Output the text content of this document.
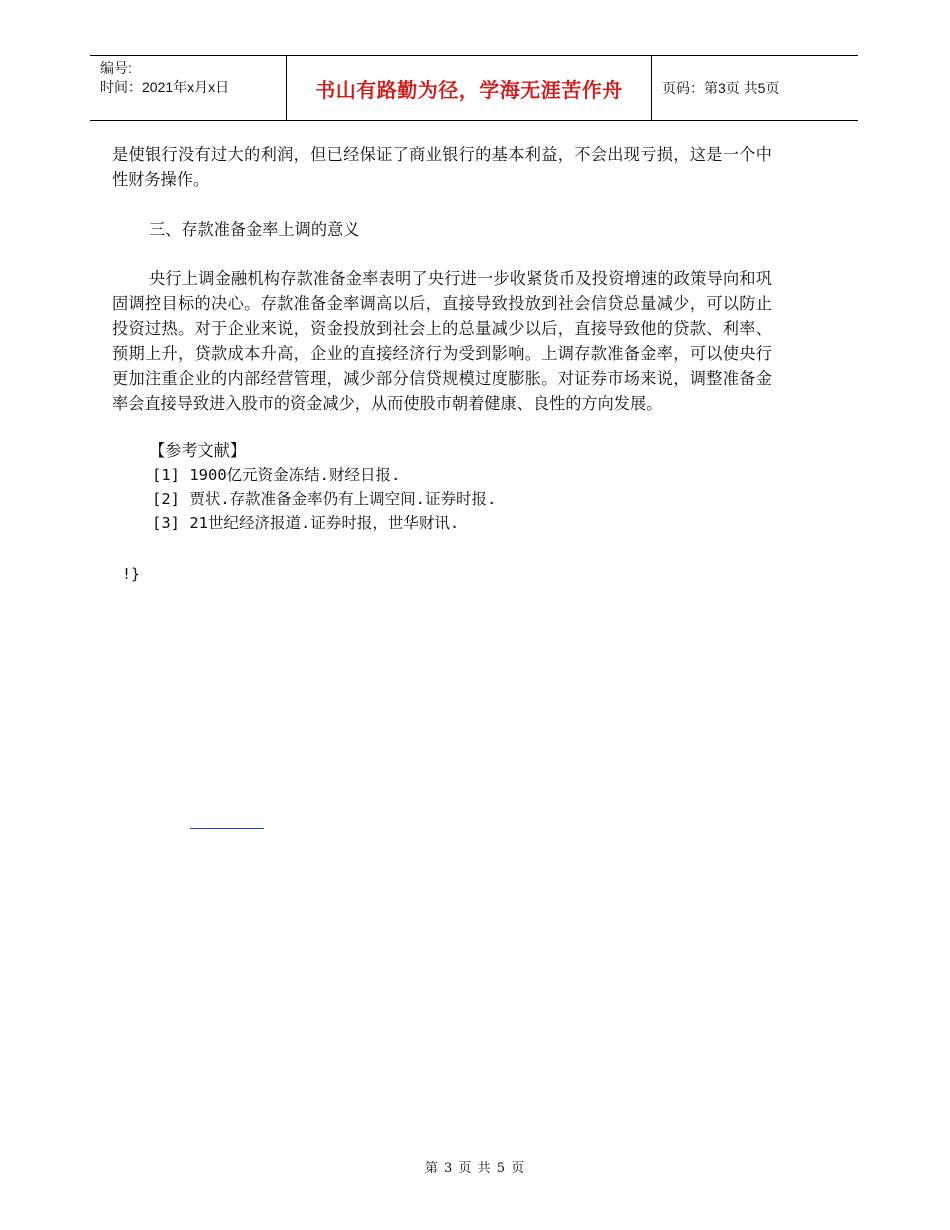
编号:
时间：2021年x月x日	书山有路勤为径，学海无涯苦作舟	页码：第3页 共5页

是使银行没有过大的利润，但已经保证了商业银行的基本利益，不会出现亏损，这是一个中性财务操作。

三、存款准备金率上调的意义

央行上调金融机构存款准备金率表明了央行进一步收紧货币及投资增速的政策导向和巩固调控目标的决心。存款准备金率调高以后，直接导致投放到社会信贷总量减少，可以防止投资过热。对于企业来说，资金投放到社会上的总量减少以后，直接导致他的贷款、利率、预期上升，贷款成本升高，企业的直接经济行为受到影响。上调存款准备金率，可以使央行更加注重企业的内部经营管理，减少部分信贷规模过度膨胀。对证券市场来说，调整准备金率会直接导致进入股市的资金减少，从而使股市朝着健康、良性的方向发展。

【参考文献】
[1] 1900亿元资金冻结.财经日报.
[2] 贾状.存款准备金率仍有上调空间.证券时报.
[3] 21世纪经济报道.证券时报，世华财讯.
!}
第 3 页 共 5 页
